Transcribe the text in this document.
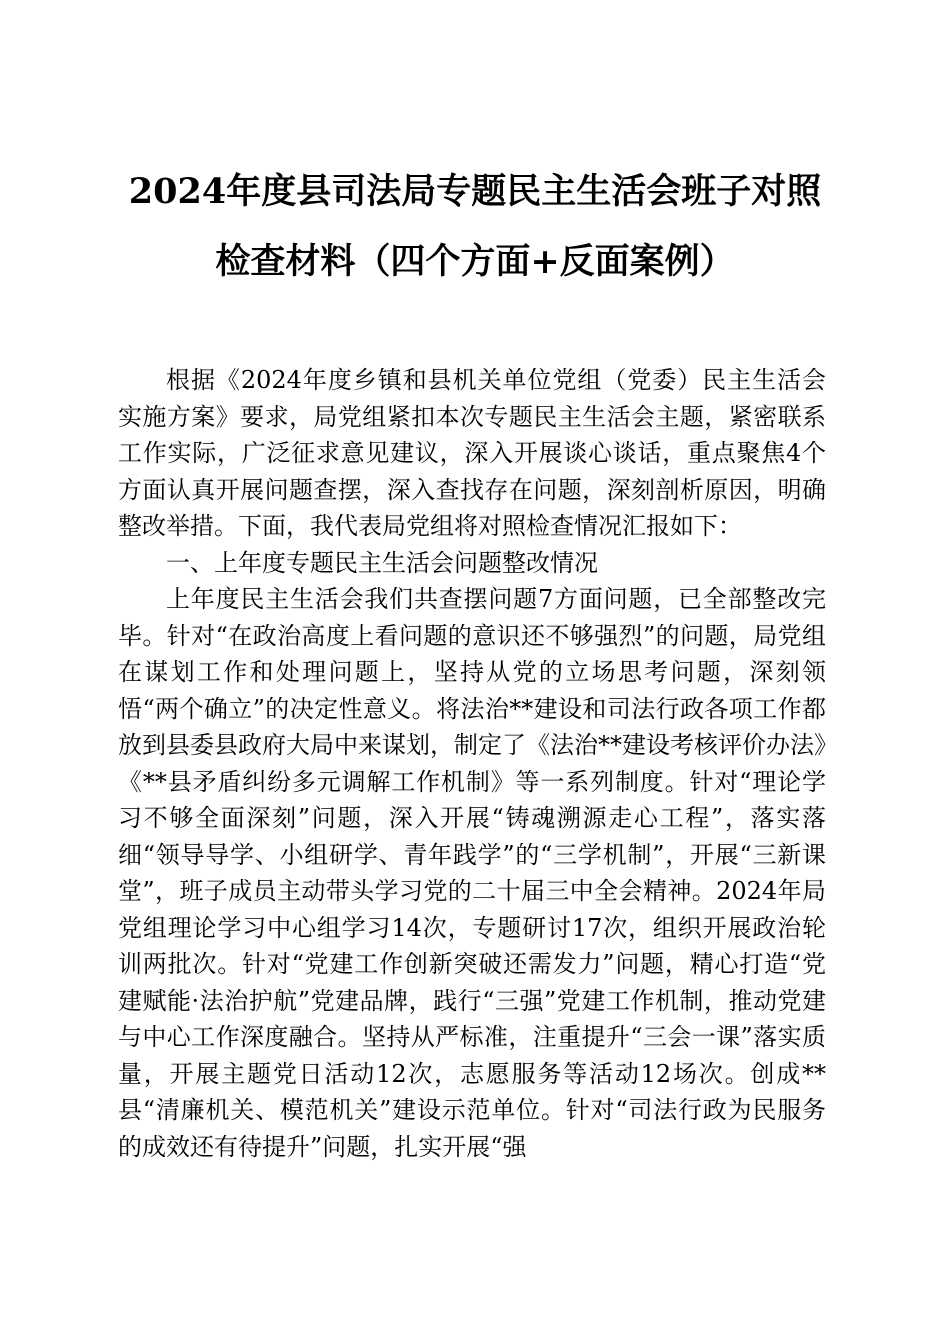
2024年度县司法局专题民主生活会班子对照
检查材料（四个方面+反面案例）

根据《2024年度乡镇和县机关单位党组（党委）民主生活会实施方案》要求，局党组紧扣本次专题民主生活会主题，紧密联系工作实际，广泛征求意见建议，深入开展谈心谈话，重点聚焦4个方面认真开展问题查摆，深入查找存在问题，深刻剖析原因，明确整改举措。下面，我代表局党组将对照检查情况汇报如下：

一、上年度专题民主生活会问题整改情况

上年度民主生活会我们共查摆问题7方面问题，已全部整改完毕。针对“在政治高度上看问题的意识还不够强烈”的问题，局党组在谋划工作和处理问题上，坚持从党的立场思考问题，深刻领悟“两个确立”的决定性意义。将法治**建设和司法行政各项工作都放到县委县政府大局中来谋划，制定了《法治**建设考核评价办法》《**县矛盾纠纷多元调解工作机制》等一系列制度。针对“理论学习不够全面深刻”问题，深入开展“铸魂溯源走心工程”，落实落细“领导导学、小组研学、青年践学”的“三学机制”，开展“三新课堂”，班子成员主动带头学习党的二十届三中全会精神。2024年局党组理论学习中心组学习14次，专题研讨17次，组织开展政治轮训两批次。针对“党建工作创新突破还需发力”问题，精心打造“党建赋能·法治护航”党建品牌，践行“三强”党建工作机制，推动党建与中心工作深度融合。坚持从严标准，注重提升“三会一课”落实质量，开展主题党日活动12次，志愿服务等活动12场次。创成**县“清廉机关、模范机关”建设示范单位。针对“司法行政为民服务的成效还有待提升”问题，扎实开展“强
